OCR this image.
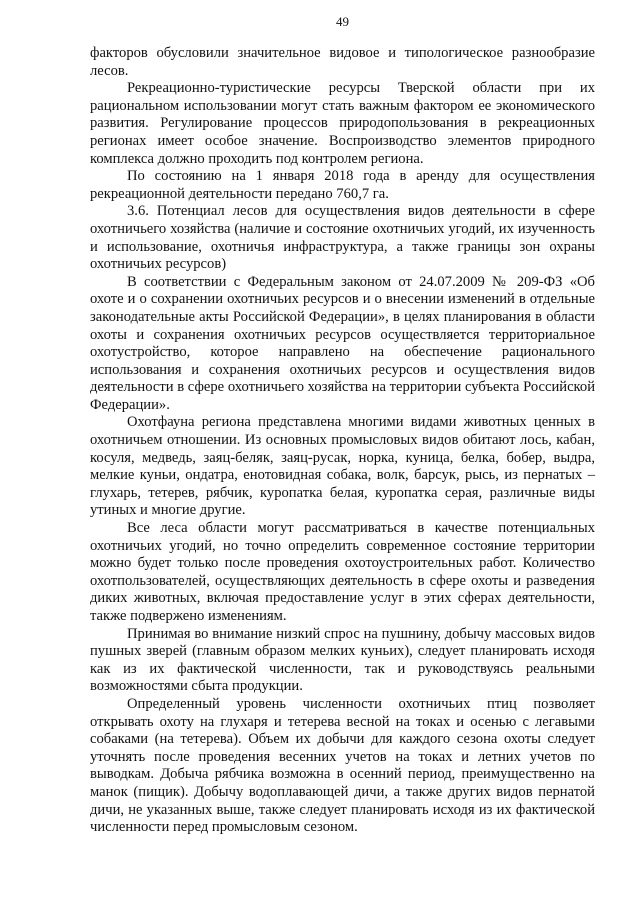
49

факторов обусловили значительное видовое и типологическое разнообразие лесов.

Рекреационно-туристические ресурсы Тверской области при их рациональном использовании могут стать важным фактором ее экономического развития. Регулирование процессов природопользования в рекреационных регионах имеет особое значение. Воспроизводство элементов природного комплекса должно проходить под контролем региона.

По состоянию на 1 января 2018 года в аренду для осуществления рекреационной деятельности передано 760,7 га.

3.6. Потенциал лесов для осуществления видов деятельности в сфере охотничьего хозяйства (наличие и состояние охотничьих угодий, их изученность и использование, охотничья инфраструктура, а также границы зон охраны охотничьих ресурсов)

В соответствии с Федеральным законом от 24.07.2009 № 209-ФЗ «Об охоте и о сохранении охотничьих ресурсов и о внесении изменений в отдельные законодательные акты Российской Федерации», в целях планирования в области охоты и сохранения охотничьих ресурсов осуществляется территориальное охотустройство, которое направлено на обеспечение рационального использования и сохранения охотничьих ресурсов и осуществления видов деятельности в сфере охотничьего хозяйства на территории субъекта Российской Федерации».

Охотфауна региона представлена многими видами животных ценных в охотничьем отношении. Из основных промысловых видов обитают лось, кабан, косуля, медведь, заяц-беляк, заяц-русак, норка, куница, белка, бобер, выдра, мелкие куньи, ондатра, енотовидная собака, волк, барсук, рысь, из пернатых – глухарь, тетерев, рябчик, куропатка белая, куропатка серая, различные виды утиных и многие другие.

Все леса области могут рассматриваться в качестве потенциальных охотничьих угодий, но точно определить современное состояние территории можно будет только после проведения охотоустроительных работ. Количество охотпользователей, осуществляющих деятельность в сфере охоты и разведения диких животных, включая предоставление услуг в этих сферах деятельности, также подвержено изменениям.

Принимая во внимание низкий спрос на пушнину, добычу массовых видов пушных зверей (главным образом мелких куньих), следует планировать исходя как из их фактической численности, так и руководствуясь реальными возможностями сбыта продукции.

Определенный уровень численности охотничьих птиц позволяет открывать охоту на глухаря и тетерева весной на токах и осенью с легавыми собаками (на тетерева). Объем их добычи для каждого сезона охоты следует уточнять после проведения весенних учетов на токах и летних учетов по выводкам. Добыча рябчика возможна в осенний период, преимущественно на манок (пищик). Добычу водоплавающей дичи, а также других видов пернатой дичи, не указанных выше, также следует планировать исходя из их фактической численности перед промысловым сезоном.
